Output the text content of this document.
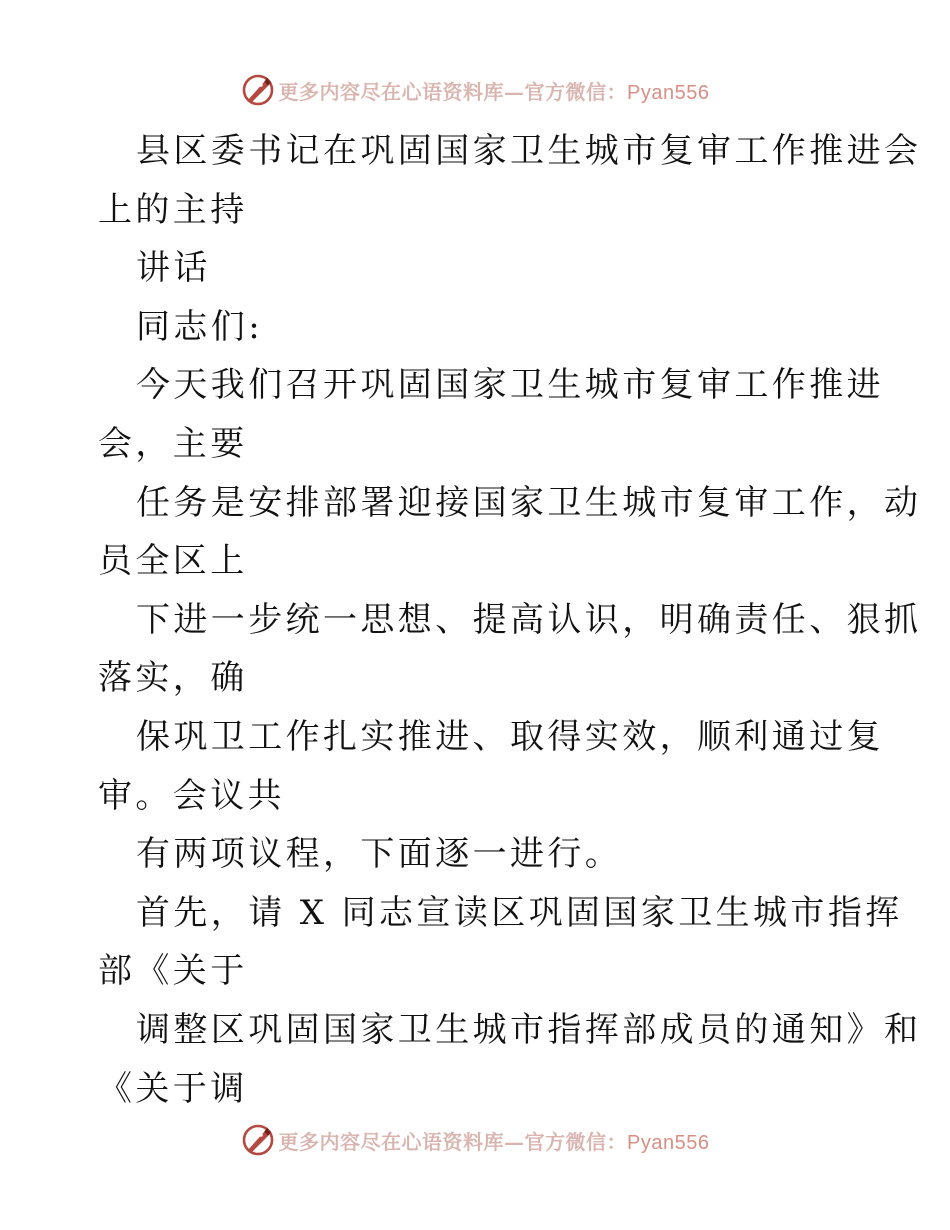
更多内容尽在心语资料库—官方微信：Pyan556
县区委书记在巩固国家卫生城市复审工作推进会
上的主持
讲话
同志们:
今天我们召开巩固国家卫生城市复审工作推进
会，主要
任务是安排部署迎接国家卫生城市复审工作，动
员全区上
下进一步统一思想、提高认识，明确责任、狠抓
落实，确
保巩卫工作扎实推进、取得实效，顺利通过复
审。会议共
有两项议程，下面逐一进行。
首先，请 X 同志宣读区巩固国家卫生城市指挥
部《关于
调整区巩固国家卫生城市指挥部成员的通知》和
《关于调
更多内容尽在心语资料库—官方微信：Pyan556
